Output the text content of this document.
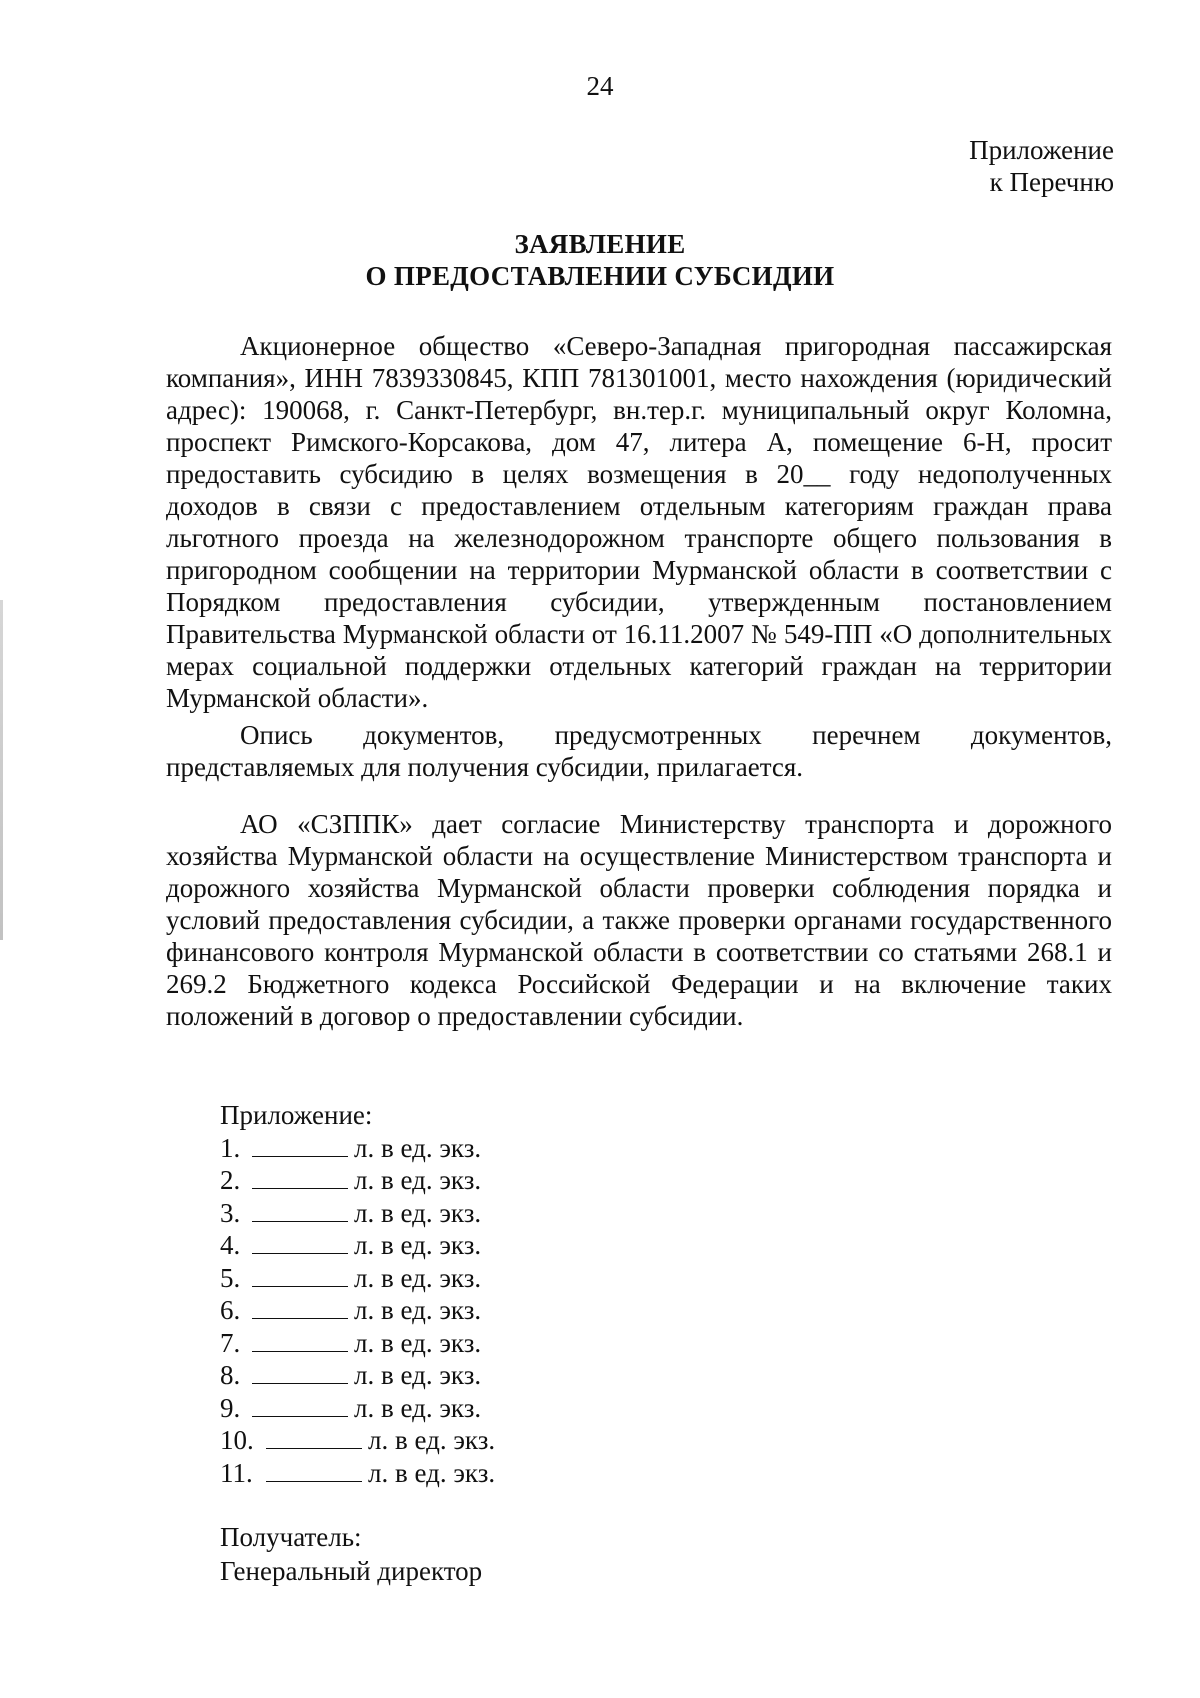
24
Приложение
к Перечню
ЗАЯВЛЕНИЕ
О ПРЕДОСТАВЛЕНИИ СУБСИДИИ

Акционерное общество «Северо-Западная пригородная пассажирская компания», ИНН 7839330845, КПП 781301001, место нахождения (юридический адрес): 190068, г. Санкт-Петербург, вн.тер.г. муниципальный округ Коломна, проспект Римского-Корсакова, дом 47, литера А, помещение 6-Н, просит предоставить субсидию в целях возмещения в 20__ году недополученных доходов в связи с предоставлением отдельным категориям граждан права льготного проезда на железнодорожном транспорте общего пользования в пригородном сообщении на территории Мурманской области в соответствии с Порядком предоставления субсидии, утвержденным постановлением Правительства Мурманской области от 16.11.2007 № 549-ПП «О дополнительных мерах социальной поддержки отдельных категорий граждан на территории Мурманской области».

Опись документов, предусмотренных перечнем документов, представляемых для получения субсидии, прилагается.

АО «СЗППК» дает согласие Министерству транспорта и дорожного хозяйства Мурманской области на осуществление Министерством транспорта и дорожного хозяйства Мурманской области проверки соблюдения порядка и условий предоставления субсидии, а также проверки органами государственного финансового контроля Мурманской области в соответствии со статьями 268.1 и 269.2 Бюджетного кодекса Российской Федерации и на включение таких положений в договор о предоставлении субсидии.

Приложение:
1.	л. в ед. экз.
2.	л. в ед. экз.
3.	л. в ед. экз.
4.	л. в ед. экз.
5.	л. в ед. экз.
6.	л. в ед. экз.
7.	л. в ед. экз.
8.	л. в ед. экз.
9.	л. в ед. экз.
10.	л. в ед. экз.
11.	л. в ед. экз.
Получатель:
Генеральный директор
